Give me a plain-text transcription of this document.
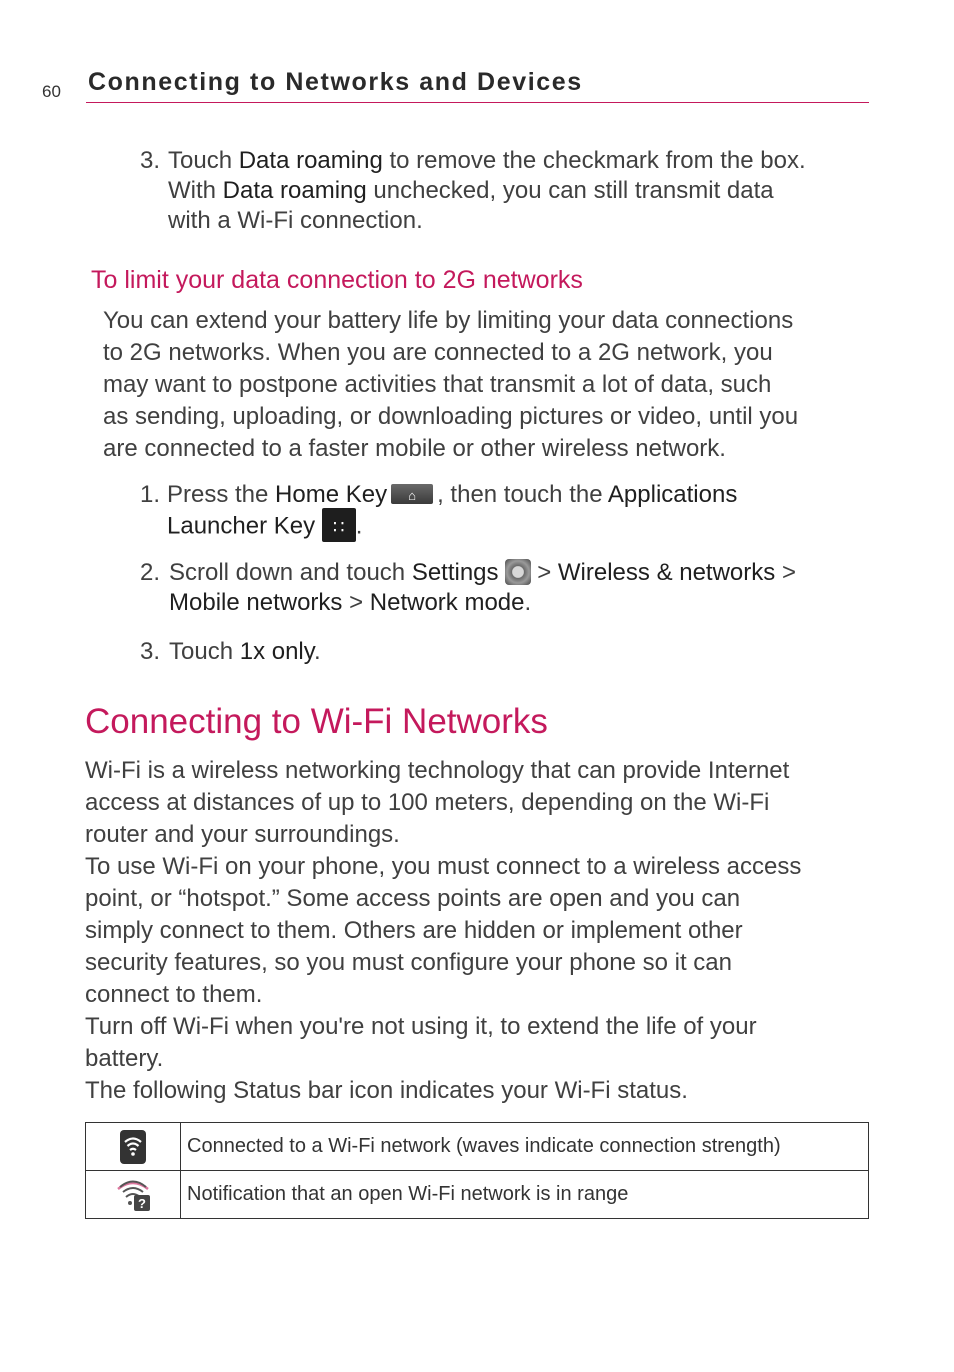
60 Connecting to Networks and Devices
3. Touch Data roaming to remove the checkmark from the box.
With Data roaming unchecked, you can still transmit data
with a Wi-Fi connection.
To limit your data connection to 2G networks
You can extend your battery life by limiting your data connections
to 2G networks. When you are connected to a 2G network, you
may want to postpone activities that transmit a lot of data, such
as sending, uploading, or downloading pictures or video, until you
are connected to a faster mobile or other wireless network.
1. Press the Home Key ⌂ , then touch the Applications
Launcher Key ∷ .
2. Scroll down and touch Settings > Wireless & networks >
Mobile networks > Network mode.
3. Touch 1x only.
Connecting to Wi-Fi Networks
Wi-Fi is a wireless networking technology that can provide Internet
access at distances of up to 100 meters, depending on the Wi-Fi
router and your surroundings.
To use Wi-Fi on your phone, you must connect to a wireless access
point, or “hotspot.” Some access points are open and you can
simply connect to them. Others are hidden or implement other
security features, so you must configure your phone so it can
connect to them.
Turn off Wi-Fi when you're not using it, to extend the life of your
battery.
The following Status bar icon indicates your Wi-Fi status.
	Connected to a Wi-Fi network (waves indicate connection strength)

?	Notification that an open Wi-Fi network is in range
